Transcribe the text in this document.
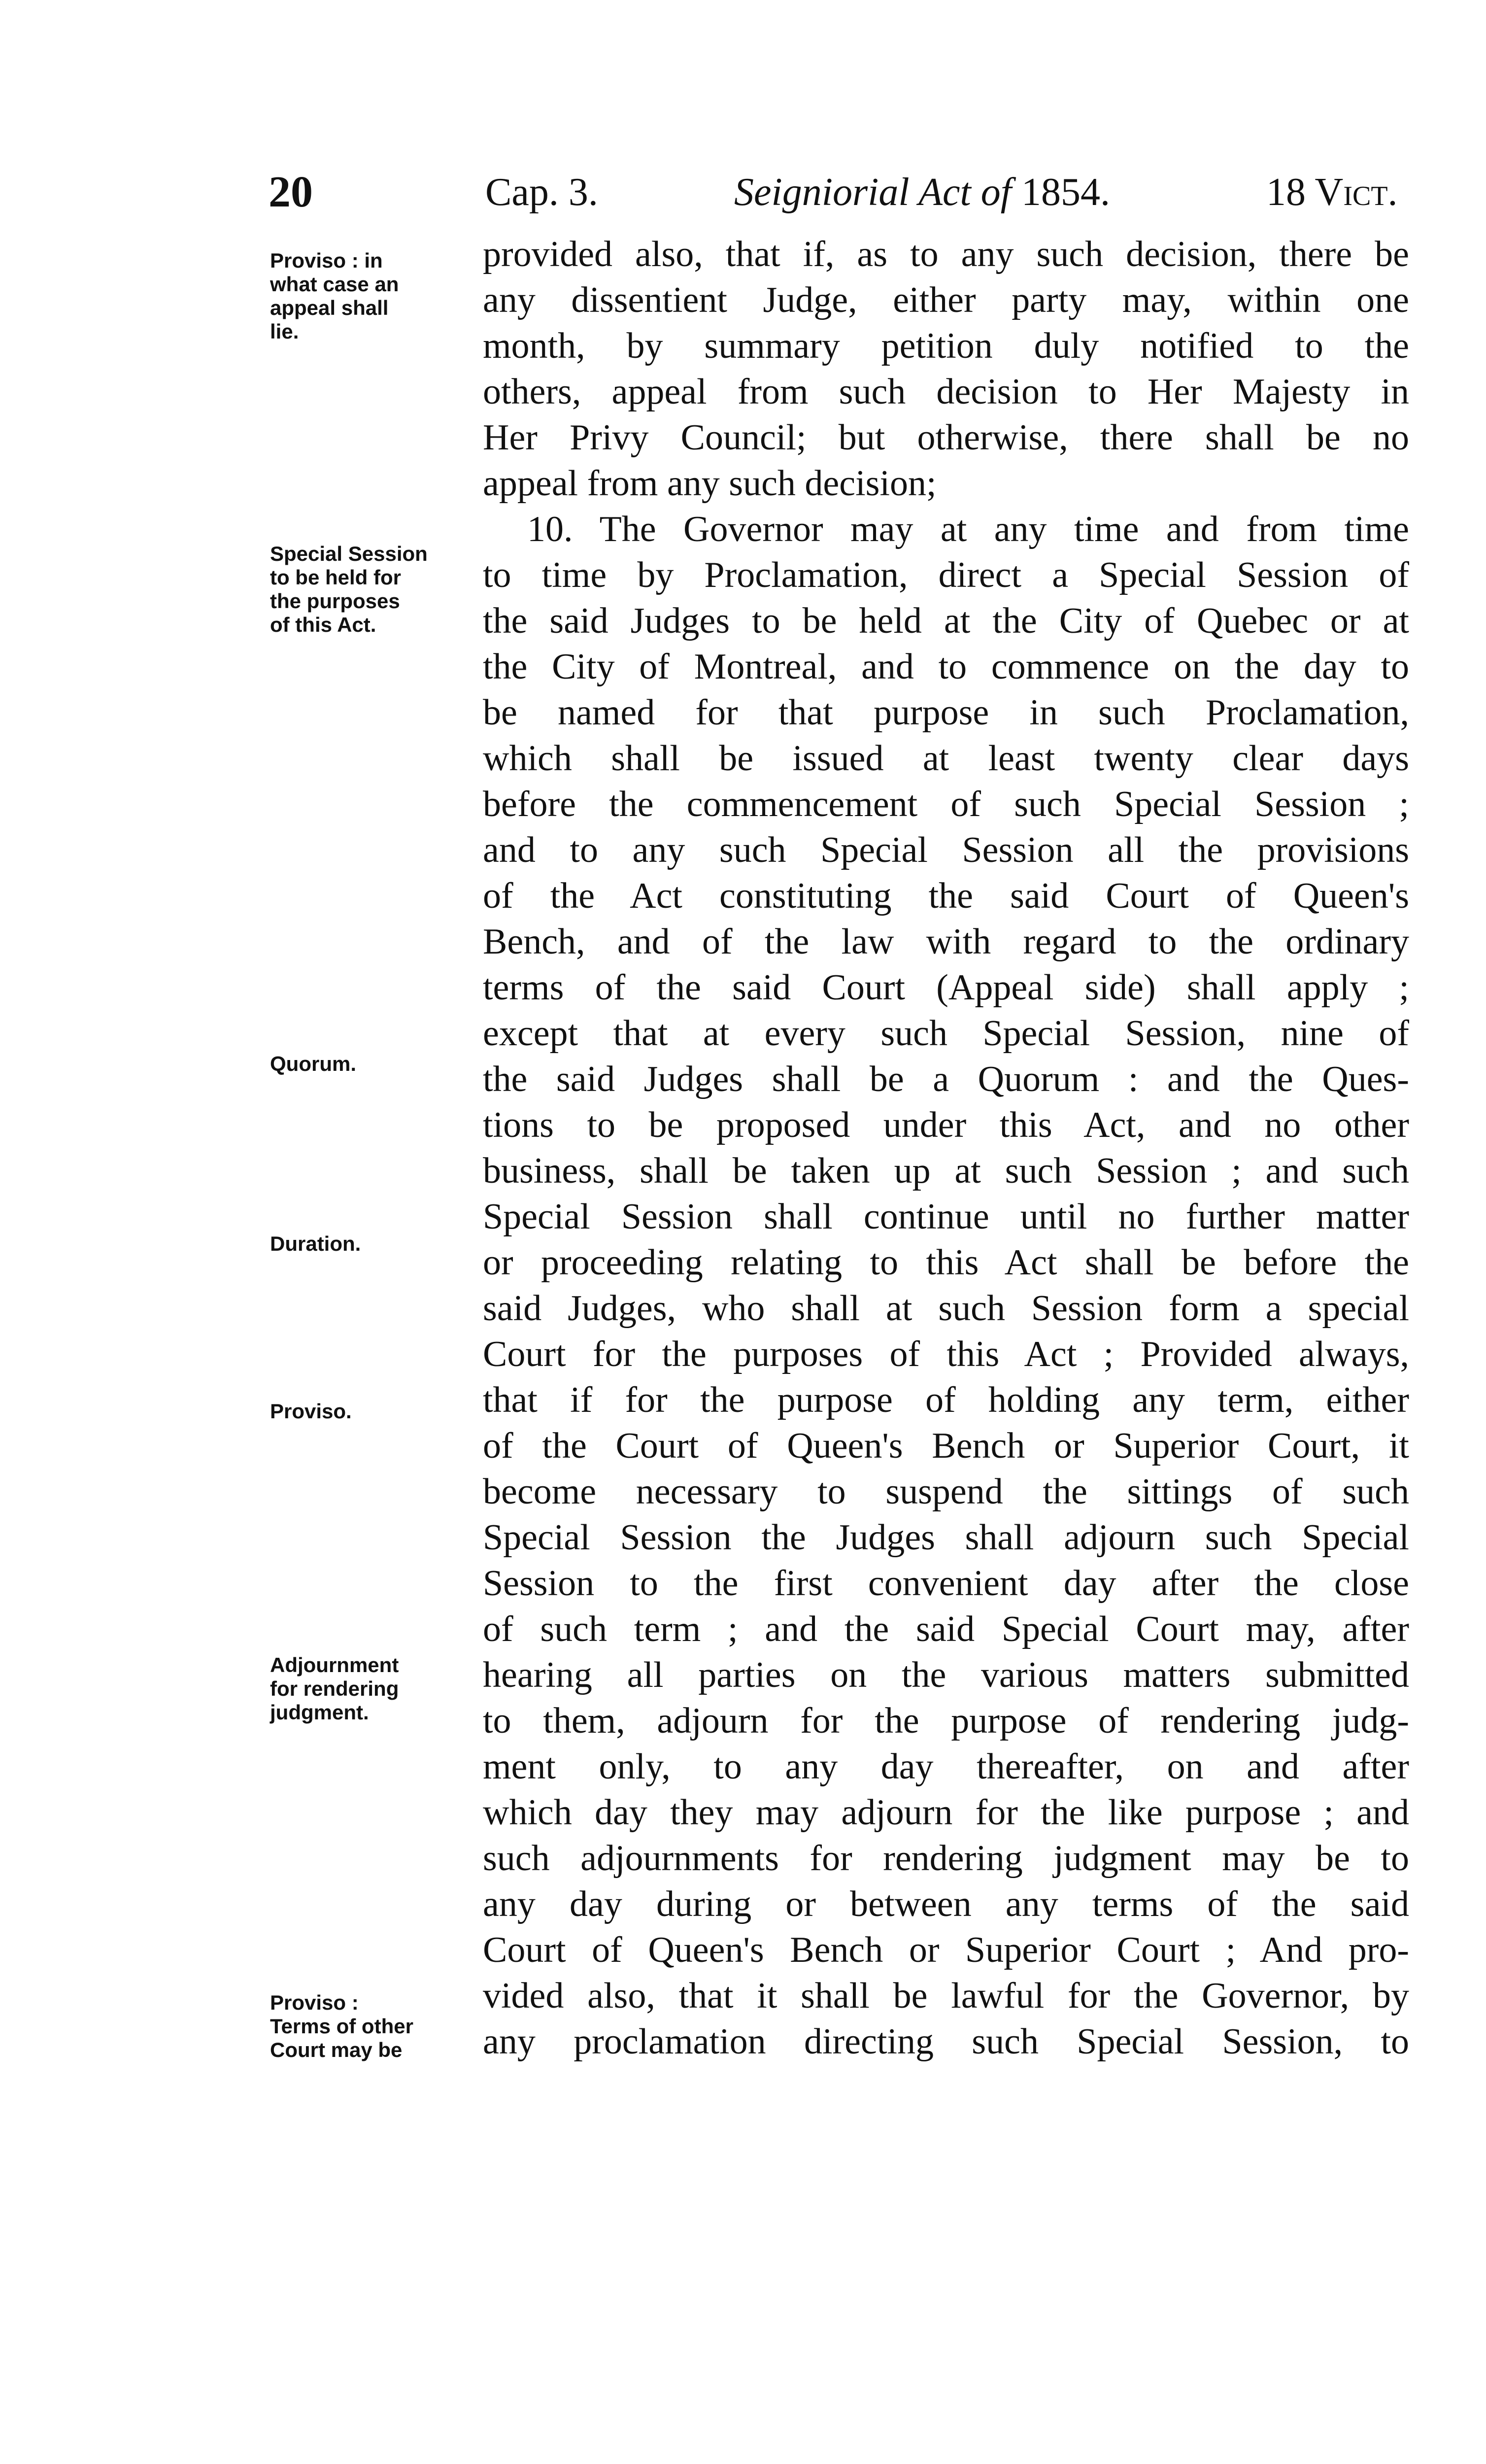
20	Cap. 3.	Seigniorial Act of 1854.	18 Vict.
Proviso : in
what case an
appeal shall
lie.
Special Session
to be held for
the purposes
of this Act.
Quorum.
Duration.
Proviso.
Adjournment
for rendering
judgment.
Proviso :
Terms of other
Court may be
provided also, that if, as to any such decision, there be
any dissentient Judge, either party may, within one
month, by summary petition duly notified to the
others, appeal from such decision to Her Majesty in
Her Privy Council; but otherwise, there shall be no
appeal from any such decision;
10. The Governor may at any time and from time
to time by Proclamation, direct a Special Session of
the said Judges to be held at the City of Quebec or at
the City of Montreal, and to commence on the day to
be named for that purpose in such Proclamation,
which shall be issued at least twenty clear days
before the commencement of such Special Session ;
and to any such Special Session all the provisions
of the Act constituting the said Court of Queen's
Bench, and of the law with regard to the ordinary
terms of the said Court (Appeal side) shall apply ;
except that at every such Special Session, nine of
the said Judges shall be a Quorum : and the Ques-
tions to be proposed under this Act, and no other
business, shall be taken up at such Session ; and such
Special Session shall continue until no further matter
or proceeding relating to this Act shall be before the
said Judges, who shall at such Session form a special
Court for the purposes of this Act ; Provided always,
that if for the purpose of holding any term, either
of the Court of Queen's Bench or Superior Court, it
become necessary to suspend the sittings of such
Special Session the Judges shall adjourn such Special
Session to the first convenient day after the close
of such term ; and the said Special Court may, after
hearing all parties on the various matters submitted
to them, adjourn for the purpose of rendering judg-
ment only, to any day thereafter, on and after
which day they may adjourn for the like purpose ; and
such adjournments for rendering judgment may be to
any day during or between any terms of the said
Court of Queen's Bench or Superior Court ; And pro-
vided also, that it shall be lawful for the Governor, by
any proclamation directing such Special Session, to
